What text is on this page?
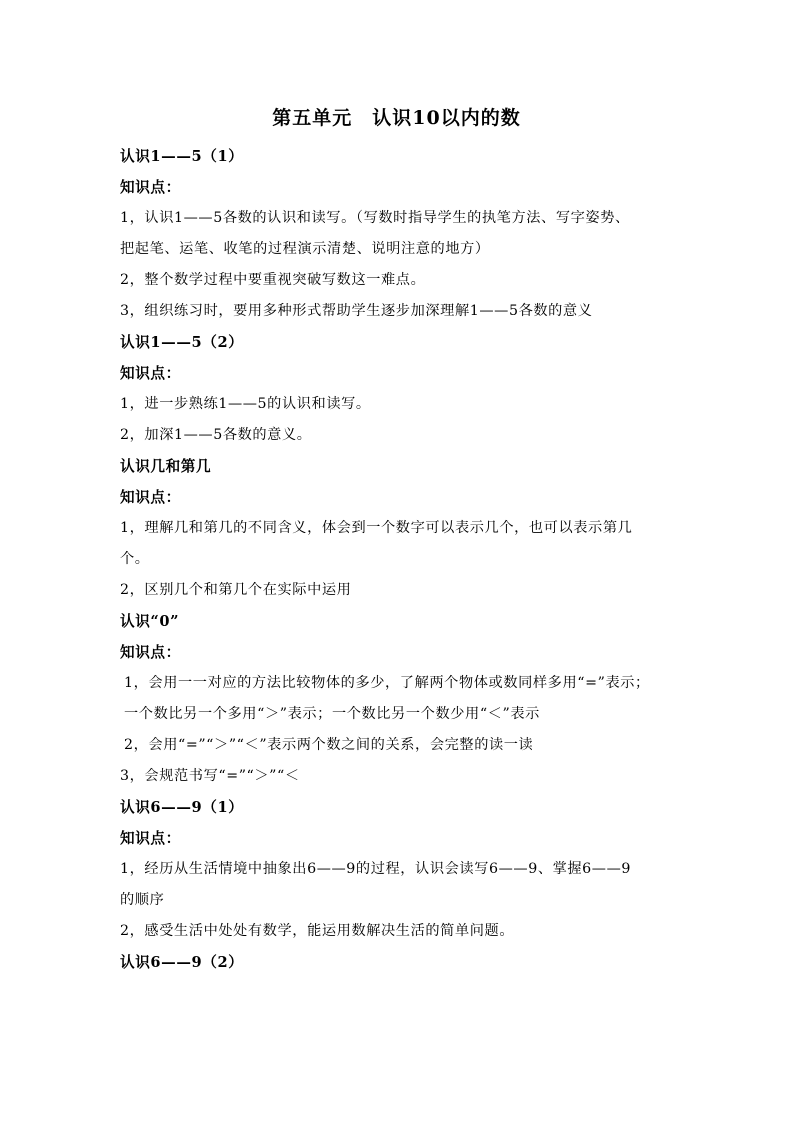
第五单元　认识10以内的数
认识1——5（1）
知识点：
1，认识1——5各数的认识和读写。（写数时指导学生的执笔方法、写字姿势、
把起笔、运笔、收笔的过程演示清楚、说明注意的地方）
2，整个数学过程中要重视突破写数这一难点。
3，组织练习时，要用多种形式帮助学生逐步加深理解1——5各数的意义
认识1——5（2）
知识点：
1，进一步熟练1——5的认识和读写。
2，加深1——5各数的意义。
认识几和第几
知识点：
1，理解几和第几的不同含义，体会到一个数字可以表示几个，也可以表示第几
个。
2，区别几个和第几个在实际中运用
认识“0”
知识点：
1，会用一一对应的方法比较物体的多少，了解两个物体或数同样多用“=”表示；
一个数比另一个多用“＞”表示；一个数比另一个数少用“＜”表示
2，会用“=”“＞”“＜”表示两个数之间的关系，会完整的读一读
3，会规范书写“=”“＞”“＜
认识6——9（1）
知识点：
1，经历从生活情境中抽象出6——9的过程，认识会读写6——9、掌握6——9
的顺序
2，感受生活中处处有数学，能运用数解决生活的简单问题。
认识6——9（2）
